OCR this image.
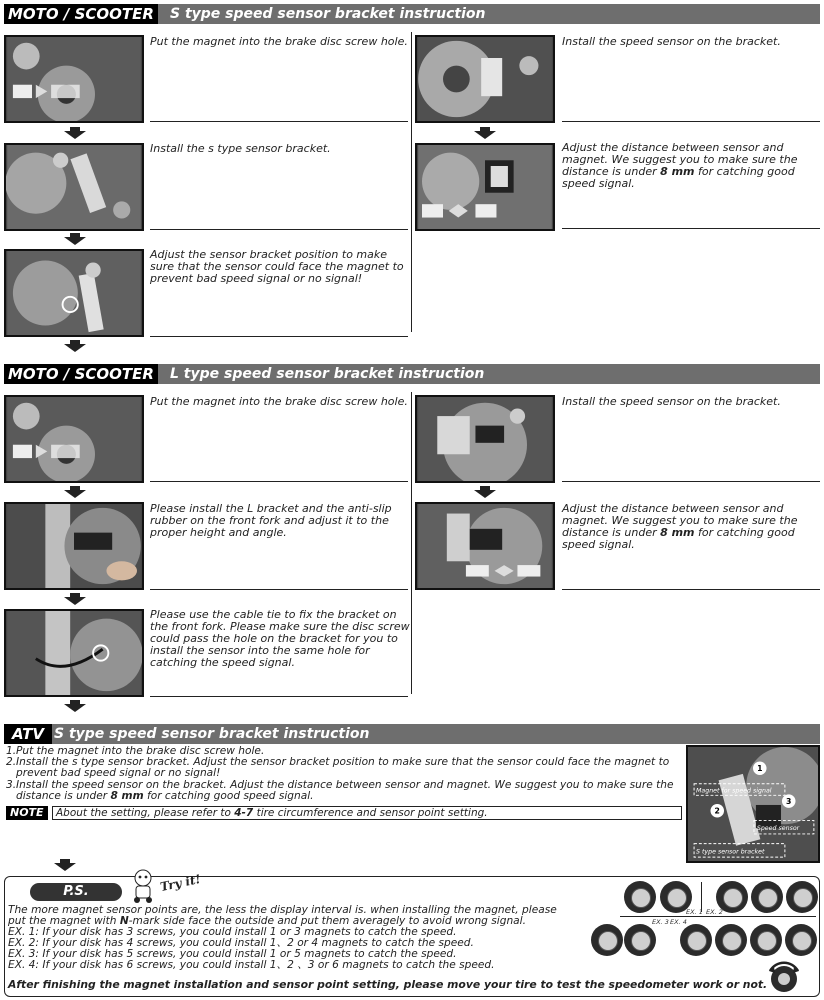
MOTO / SCOOTER S type speed sensor bracket instruction
Put the magnet into the brake disc screw hole.
Install the s type sensor bracket.
Adjust the sensor bracket position to make sure that the sensor could face the magnet to prevent bad speed signal or no signal!
Install the speed sensor on the bracket.
Adjust the distance between sensor and magnet. We suggest you to make sure the distance is under 8 mm for catching good speed signal.
MOTO / SCOOTER L type speed sensor bracket instruction
Put the magnet into the brake disc screw hole.
Please install the L bracket and the anti-slip rubber on the front fork and adjust it to the proper height and angle.
Please use the cable tie to fix the bracket on the front fork. Please make sure the disc screw could pass the hole on the bracket for you to install the sensor into the same hole for catching the speed signal.
Install the speed sensor on the bracket.
Adjust the distance between sensor and magnet. We suggest you to make sure the distance is under 8 mm for catching good speed signal.
ATV S type speed sensor bracket instruction
1. Put the magnet into the brake disc screw hole.
2. Install the s type sensor bracket. Adjust the sensor bracket position to make sure that the sensor could face the magnet to prevent bad speed signal or no signal!
3. Install the speed sensor on the bracket. Adjust the distance between sensor and magnet. We suggest you to make sure the distance is under 8 mm for catching good speed signal.
NOTE	About the setting, please refer to 4-7 tire circumference and sensor point setting.
1
3
2
Magnet for speed signal
Speed sensor
S type sensor bracket
P.S.	Try it!
The more magnet sensor points are, the less the display interval is. when installing the magnet, please
put the magnet with N-mark side face the outside and put them averagely to avoid wrong signal.
EX. 1: If your disk has 3 screws, you could install 1 or 3 magnets to catch the speed.
EX. 2: If your disk has 4 screws, you could install 1、2 or 4 magnets to catch the speed.
EX. 3: If your disk has 5 screws, you could install 1 or 5 magnets to catch the speed.
EX. 4: If your disk has 6 screws, you could install 1、2 、3 or 6 magnets to catch the speed.
After finishing the magnet installation and sensor point setting, please move your tire to test the speedometer work or not.
EX. 1 EX. 2
EX. 3 EX. 4
